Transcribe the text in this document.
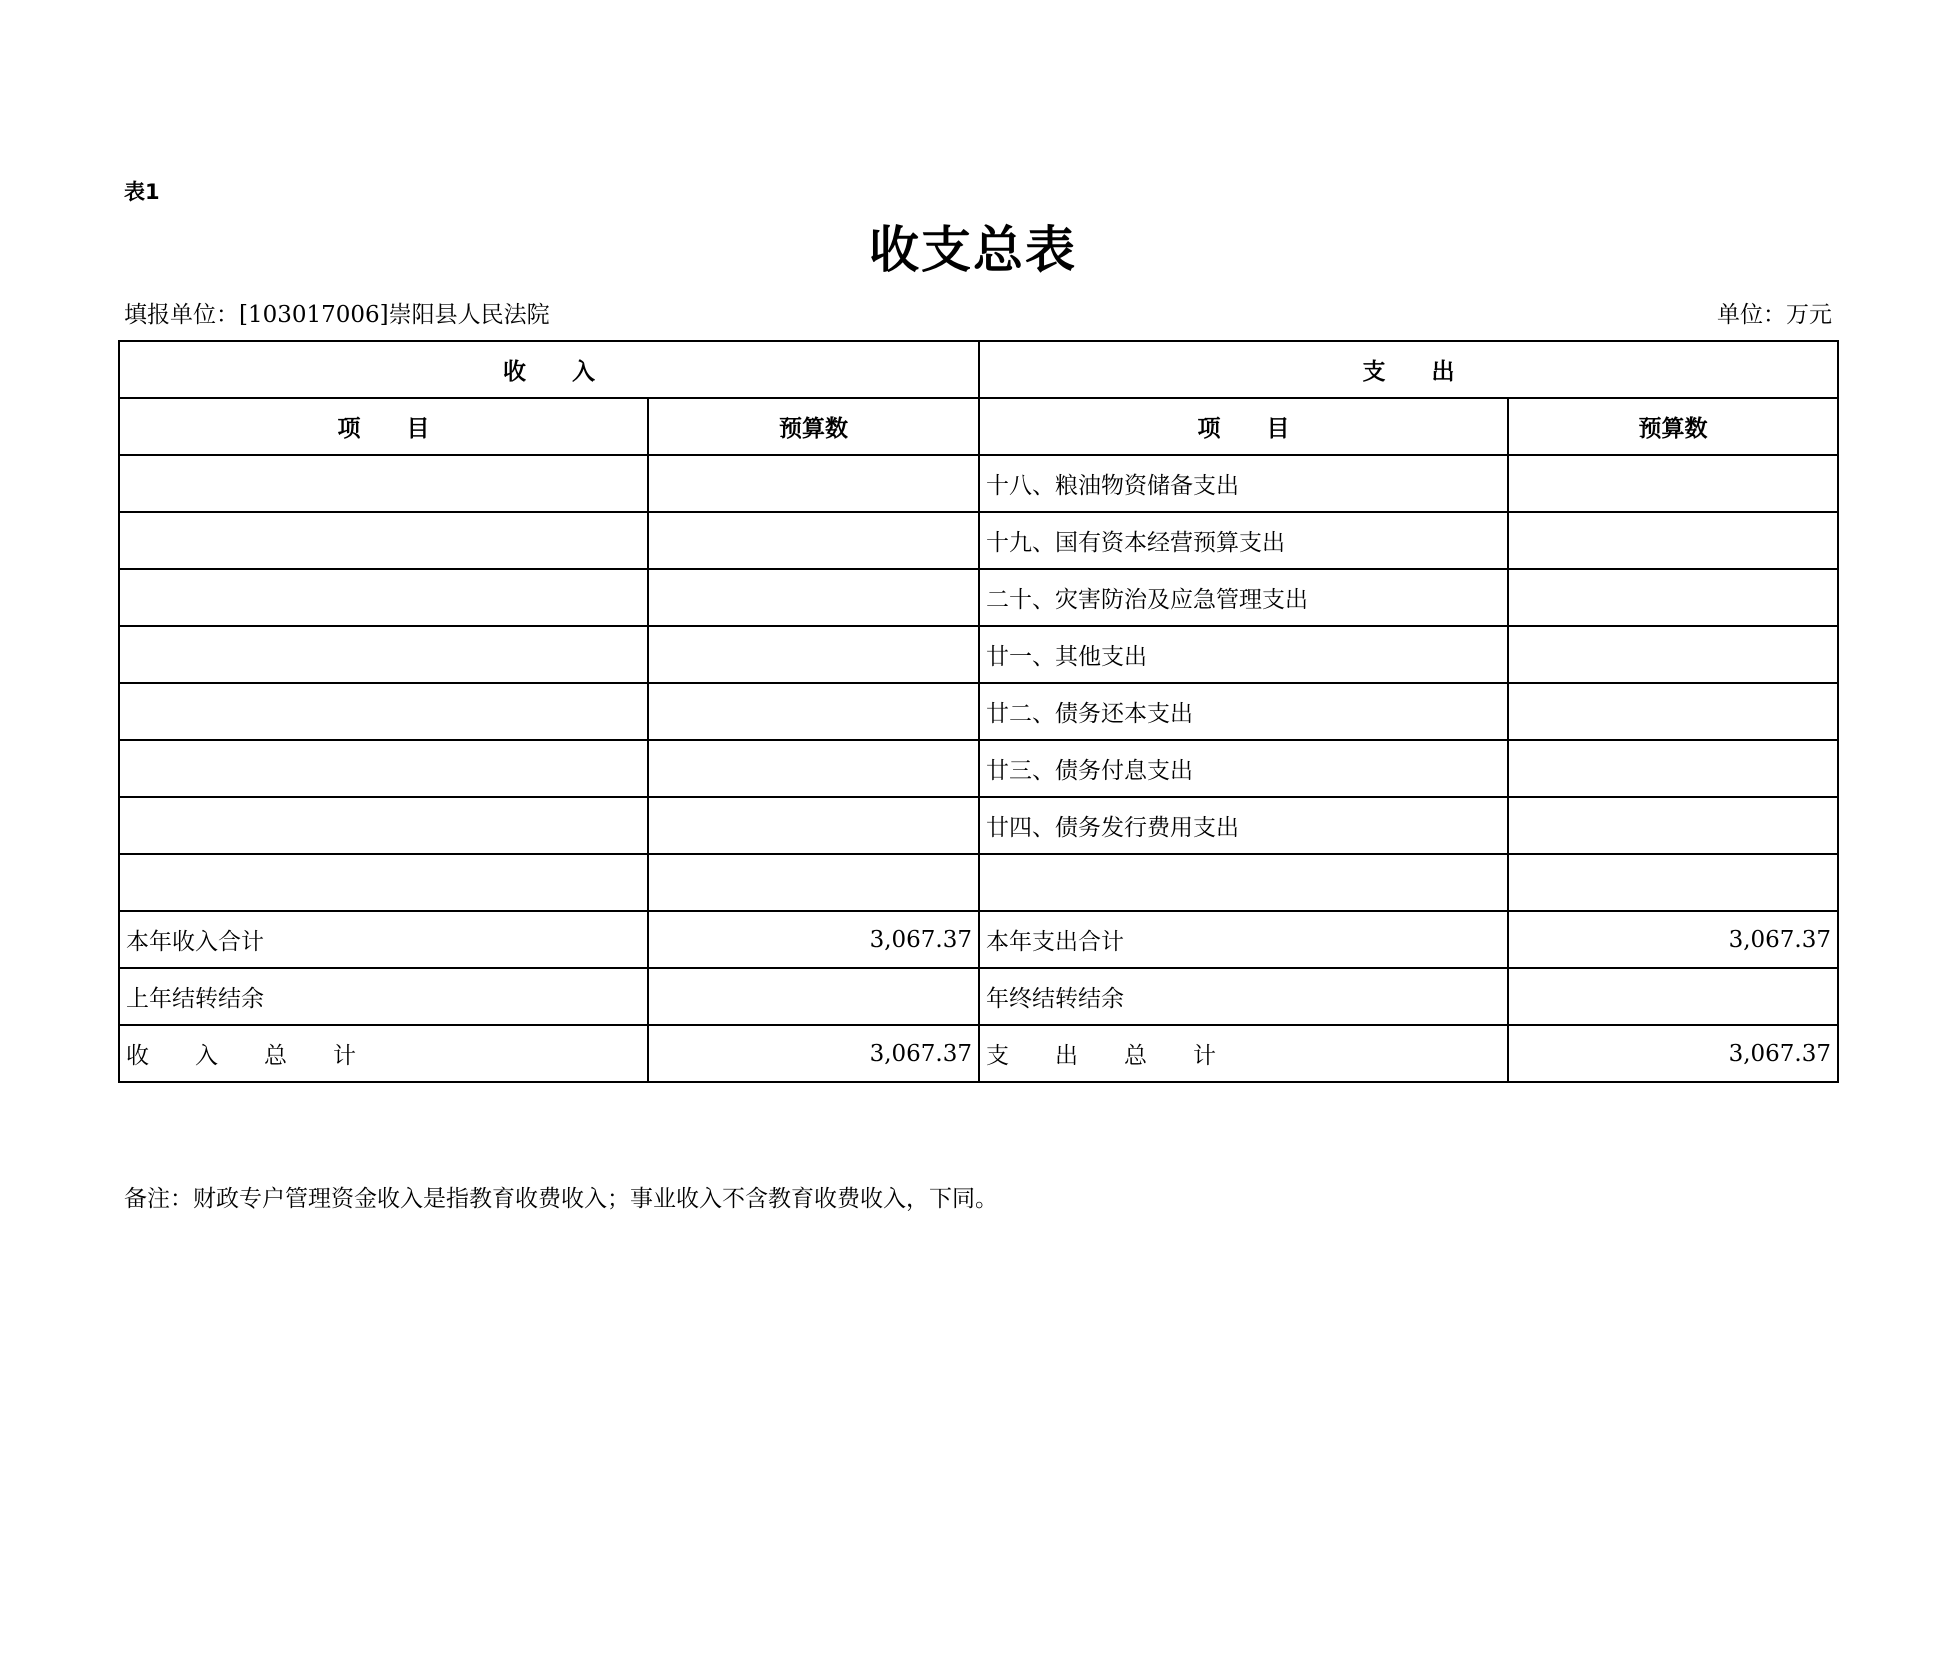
表1
收支总表
填报单位：[103017006]崇阳县人民法院	单位：万元
收　　入		支　　出	
项　　目	预算数	项　　目	预算数
		十八、粮油物资储备支出	
		十九、国有资本经营预算支出	
		二十、灾害防治及应急管理支出	
		廿一、其他支出	
		廿二、债务还本支出	
		廿三、债务付息支出	
		廿四、债务发行费用支出	

本年收入合计	3,067.37	本年支出合计	3,067.37
上年结转结余		年终结转结余	
收　　入　　总　　计	3,067.37	支　　出　　总　　计	3,067.37
备注：财政专户管理资金收入是指教育收费收入；事业收入不含教育收费收入，下同。
